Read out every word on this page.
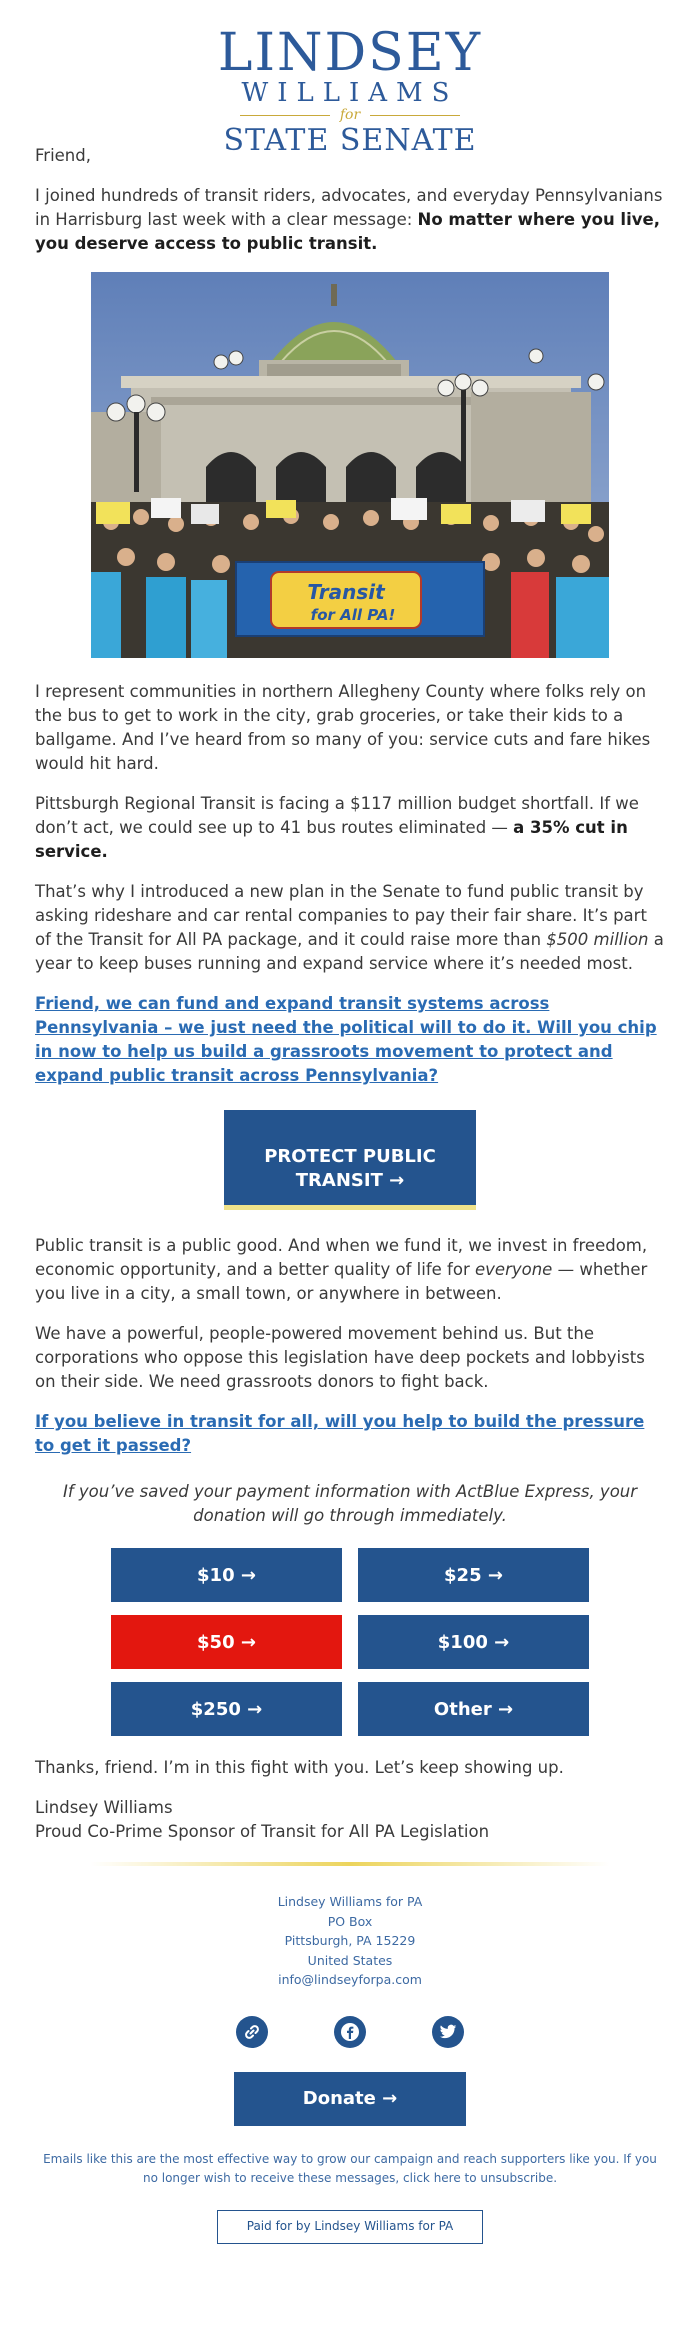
LINDSEY
WILLIAMS
for
STATE SENATE

Friend,

I joined hundreds of transit riders, advocates, and everyday Pennsylvanians in Harrisburg last week with a clear message: No matter where you live, you deserve access to public transit.

Transit
for All PA!

I represent communities in northern Allegheny County where folks rely on the bus to get to work in the city, grab groceries, or take their kids to a ballgame. And I’ve heard from so many of you: service cuts and fare hikes would hit hard.

Pittsburgh Regional Transit is facing a $117 million budget shortfall. If we don’t act, we could see up to 41 bus routes eliminated — a 35% cut in service.

That’s why I introduced a new plan in the Senate to fund public transit by asking rideshare and car rental companies to pay their fair share. It’s part of the Transit for All PA package, and it could raise more than $500 million a year to keep buses running and expand service where it’s needed most.

Friend, we can fund and expand transit systems across Pennsylvania – we just need the political will to do it. Will you chip in now to help us build a grassroots movement to protect and expand public transit across Pennsylvania?
PROTECT PUBLIC TRANSIT →

Public transit is a public good. And when we fund it, we invest in freedom, economic opportunity, and a better quality of life for everyone — whether you live in a city, a small town, or anywhere in between.

We have a powerful, people-powered movement behind us. But the corporations who oppose this legislation have deep pockets and lobbyists on their side. We need grassroots donors to fight back.

If you believe in transit for all, will you help to build the pressure to get it passed?

If you’ve saved your payment information with ActBlue Express, your donation will go through immediately.

$10 →	$25 →
$50 →	$100 →
$250 →	Other →

Thanks, friend. I’m in this fight with you. Let’s keep showing up.

Lindsey Williams

Proud Co-Prime Sponsor of Transit for All PA Legislation

Lindsey Williams for PA
PO Box
Pittsburgh, PA 15229
United States
info@lindseyforpa.com
Donate →

Emails like this are the most effective way to grow our campaign and reach supporters like you. If you no longer wish to receive these messages, click here to unsubscribe.

Paid for by Lindsey Williams for PA
